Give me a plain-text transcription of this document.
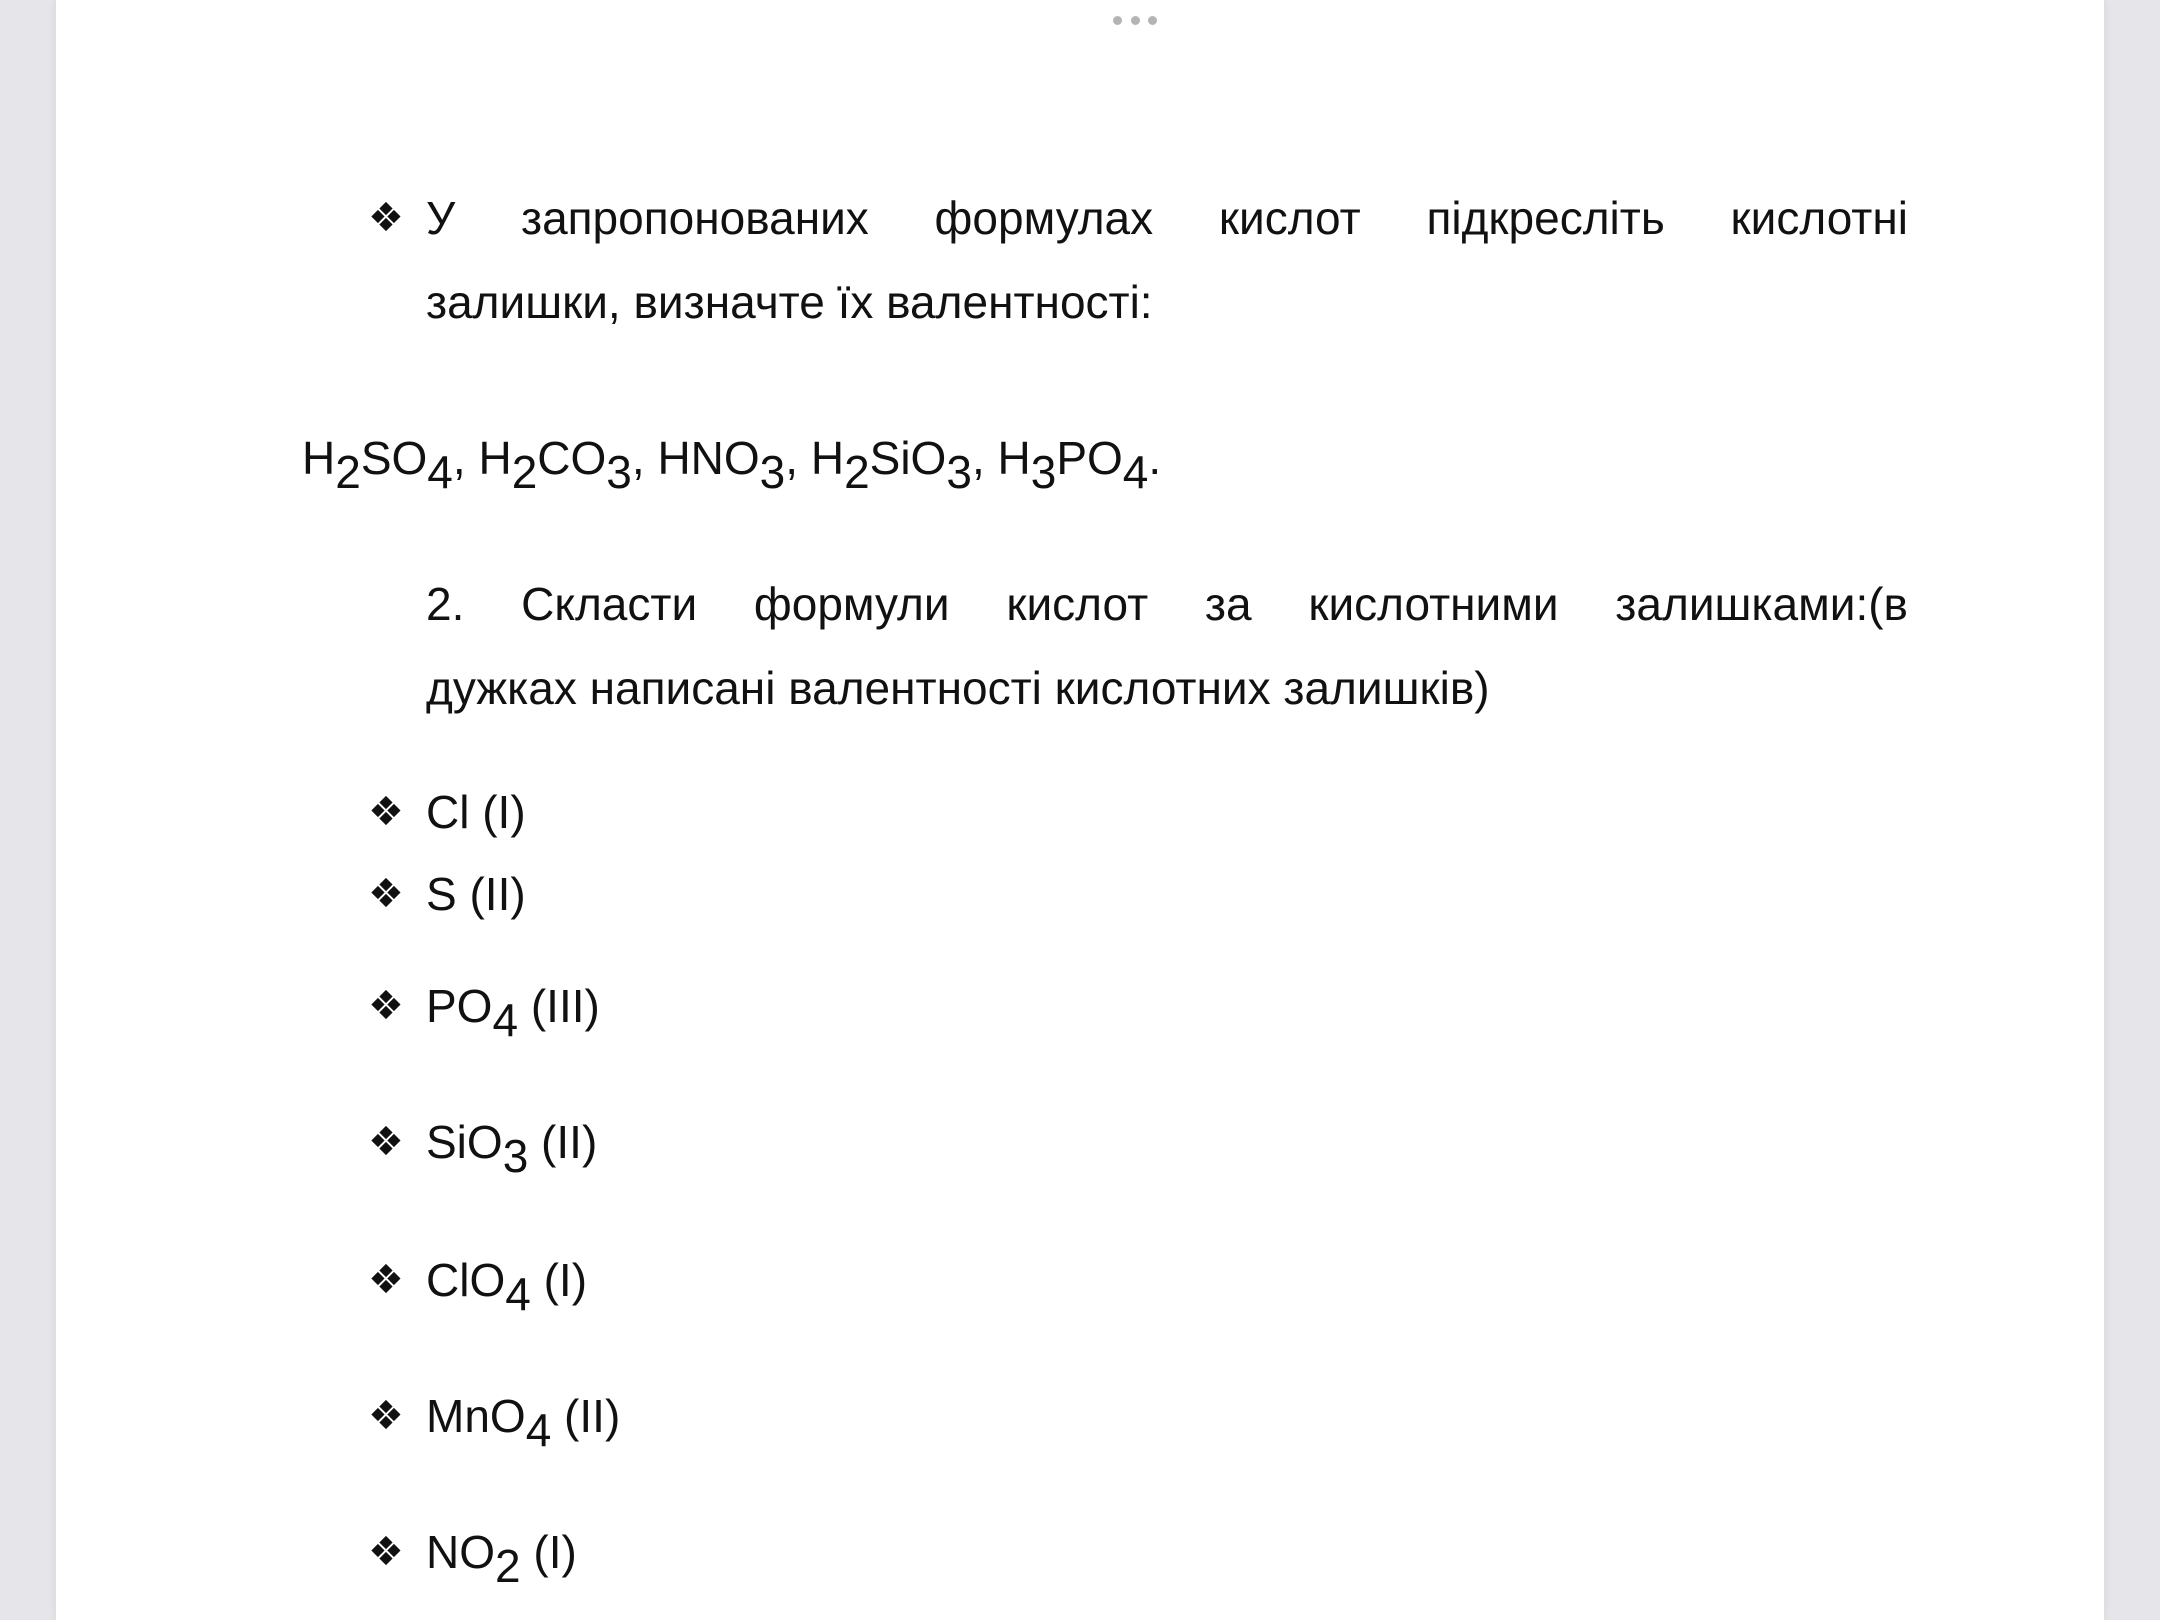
❖ У запропонованих формулах кислот підкресліть кислотні
залишки, визначте їх валентності:
$H_2SO_4$, $H_2CO_3$, $HNO_3$, $H_2SiO_3$, $H_3PO_4$.
2. Скласти формули кислот за кислотними залишками:(в
дужках написані валентності кислотних залишків)
❖ Cl (I)
❖ S (II)
❖ $PO_4$ (III)
❖ SiO$_3$ (II)
❖ ClO$_4$ (I)
❖ MnO$_4$ (II)
❖ $NO_2$ (I)
